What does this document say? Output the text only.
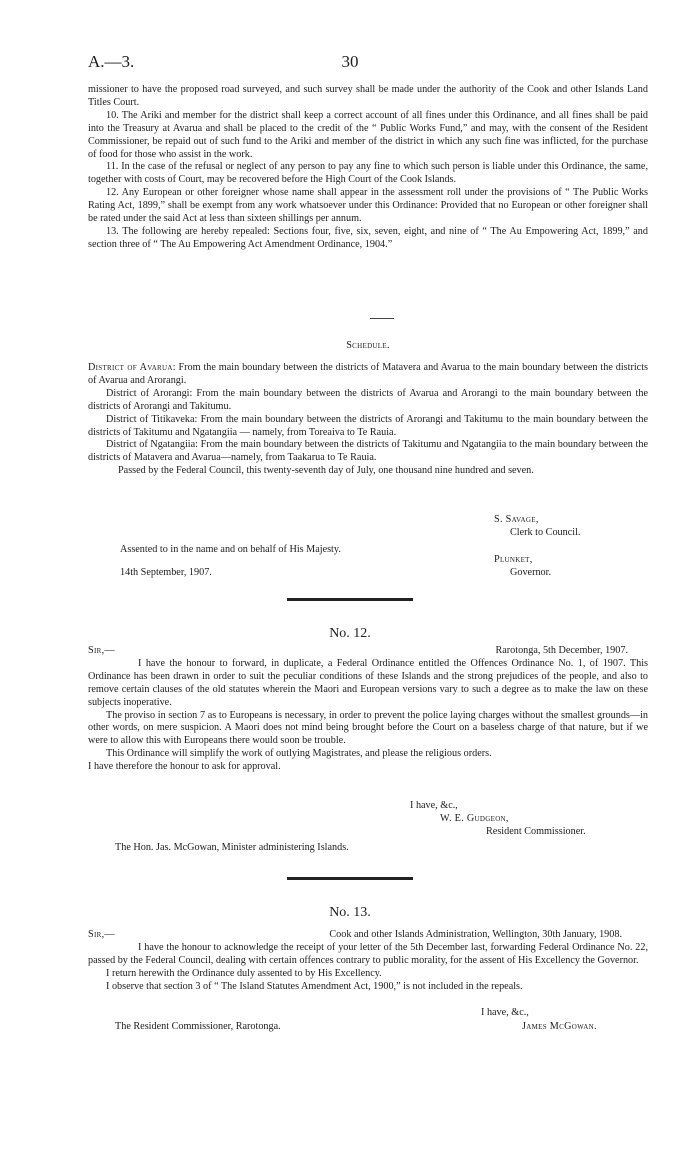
A.—3.	30

missioner to have the proposed road surveyed, and such survey shall be made under the authority of the Cook and other Islands Land Titles Court.

10. The Ariki and member for the district shall keep a correct account of all fines under this Ordinance, and all fines shall be paid into the Treasury at Avarua and shall be placed to the credit of the “ Public Works Fund,” and may, with the consent of the Resident Commissioner, be repaid out of such fund to the Ariki and member of the district in which any such fine was inflicted, for the purchase of food for those who assist in the work.

11. In the case of the refusal or neglect of any person to pay any fine to which such person is liable under this Ordinance, the same, together with costs of Court, may be recovered before the High Court of the Cook Islands.

12. Any European or other foreigner whose name shall appear in the assessment roll under the provisions of “ The Public Works Rating Act, 1899,” shall be exempt from any work whatsoever under this Ordinance: Provided that no European or other foreigner shall be rated under the said Act at less than sixteen shillings per annum.

13. The following are hereby repealed: Sections four, five, six, seven, eight, and nine of “ The Au Empowering Act, 1899,” and section three of “ The Au Empowering Act Amendment Ordinance, 1904.”

Schedule.

District of Avarua: From the main boundary between the districts of Matavera and Avarua to the main boundary between the districts of Avarua and Arorangi.

District of Arorangi: From the main boundary between the districts of Avarua and Arorangi to the main boundary between the districts of Arorangi and Takitumu.

District of Titikaveka: From the main boundary between the districts of Arorangi and Takitumu to the main boundary between the districts of Takitumu and Ngatangiia — namely, from Toreaiva to Te Rauia.

District of Ngatangiia: From the main boundary between the districts of Takitumu and Ngatangiia to the main boundary between the districts of Matavera and Avarua—namely, from Taakarua to Te Rauia.

Passed by the Federal Council, this twenty-seventh day of July, one thousand nine hundred and seven.

S. Savage,
Clerk to Council.
Assented to in the name and on behalf of His Majesty.
Plunket,
Governor.
14th September, 1907.
No. 12.
Sir,—	Rarotonga, 5th December, 1907.

I have the honour to forward, in duplicate, a Federal Ordinance entitled the Offences Ordinance No. 1, of 1907. This Ordinance has been drawn in order to suit the peculiar conditions of these Islands and the strong prejudices of the people, and also to remove certain clauses of the old statutes wherein the Maori and European versions vary to such a degree as to make the law on these subjects inoperative.

The proviso in section 7 as to Europeans is necessary, in order to prevent the police laying charges without the smallest grounds—in other words, on mere suspicion. A Maori does not mind being brought before the Court on a baseless charge of that nature, but if we were to allow this with Europeans there would soon be trouble.

This Ordinance will simplify the work of outlying Magistrates, and please the religious orders.

I have therefore the honour to ask for approval.

I have, &c.,
W. E. Gudgeon,
Resident Commissioner.
The Hon. Jas. McGowan, Minister administering Islands.
No. 13.
Sir,—	Cook and other Islands Administration, Wellington, 30th January, 1908.

I have the honour to acknowledge the receipt of your letter of the 5th December last, forwarding Federal Ordinance No. 22, passed by the Federal Council, dealing with certain offences contrary to public morality, for the assent of His Excellency the Governor.

I return herewith the Ordinance duly assented to by His Excellency.

I observe that section 3 of “ The Island Statutes Amendment Act, 1900,” is not included in the repeals.

I have, &c.,
The Resident Commissioner, Rarotonga.	James McGowan.
